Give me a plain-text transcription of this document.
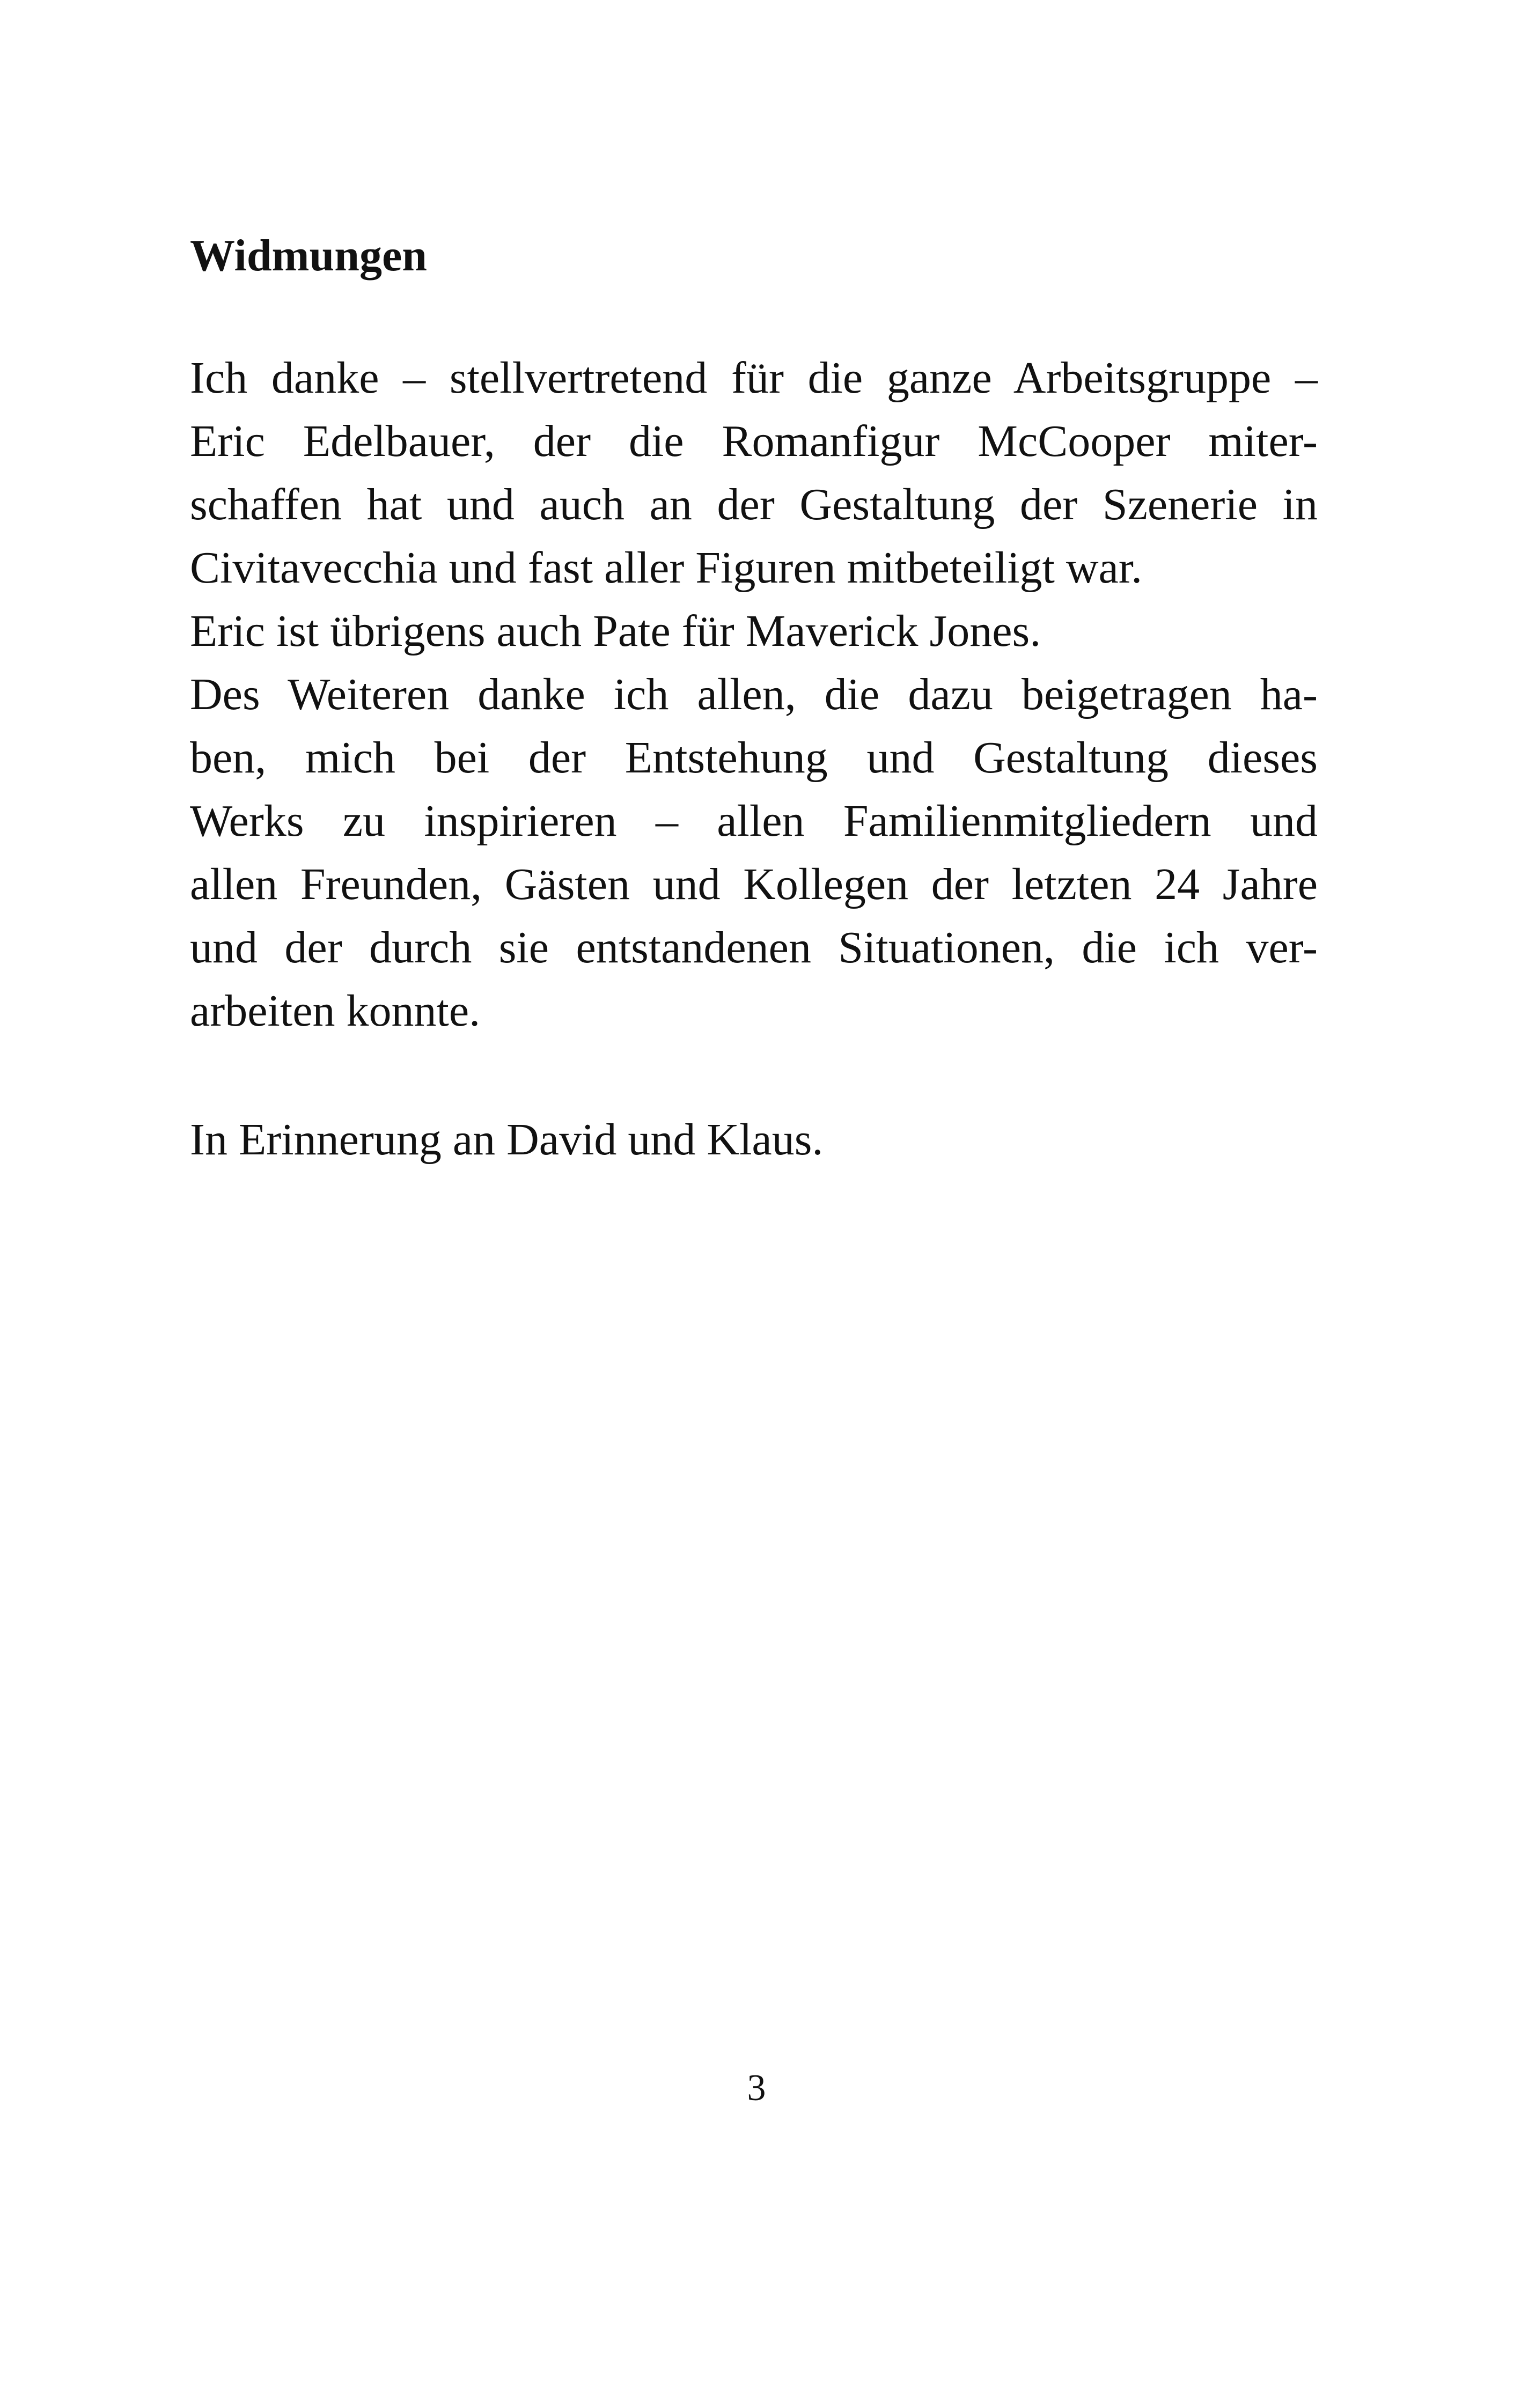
Widmungen
Ich danke – stellvertretend für die ganze Arbeitsgruppe –
Eric Edelbauer, der die Romanfigur McCooper miter-
schaffen hat und auch an der Gestaltung der Szenerie in
Civitavecchia und fast aller Figuren mitbeteiligt war.
Eric ist übrigens auch Pate für Maverick Jones.
Des Weiteren danke ich allen, die dazu beigetragen ha-
ben, mich bei der Entstehung und Gestaltung dieses
Werks zu inspirieren – allen Familienmitgliedern und
allen Freunden, Gästen und Kollegen der letzten 24 Jahre
und der durch sie entstandenen Situationen, die ich ver-
arbeiten konnte.
In Erinnerung an David und Klaus.
3
